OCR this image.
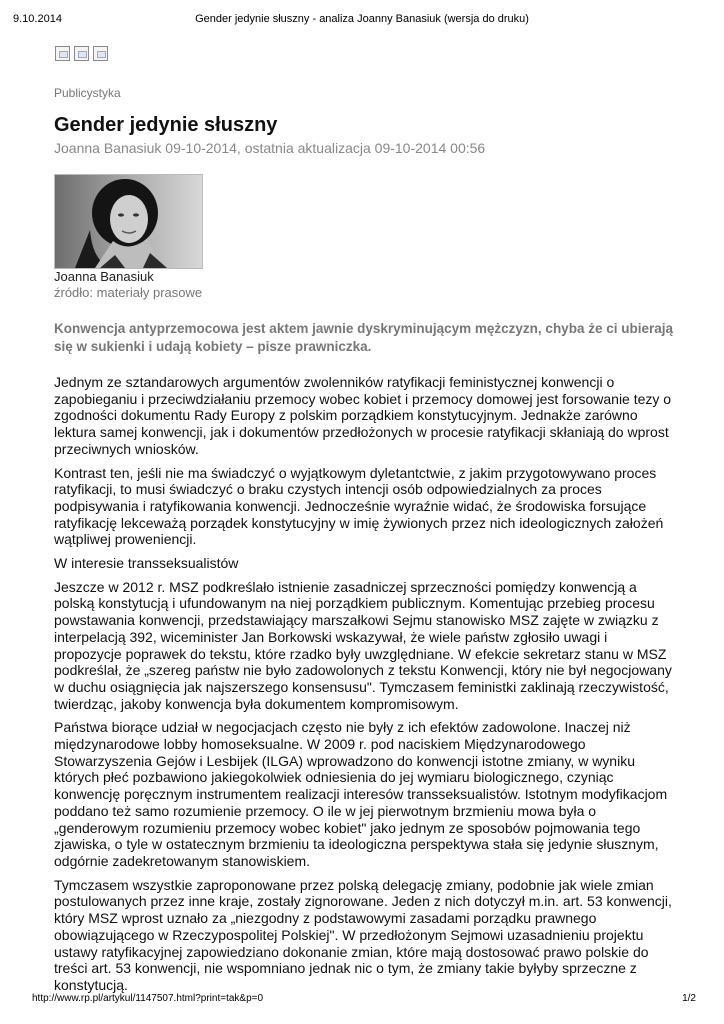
9.10.2014	Gender jedynie słuszny - analiza Joanny Banasiuk (wersja do druku)
Publicystyka
Gender jedynie słuszny
Joanna Banasiuk 09-10-2014, ostatnia aktualizacja 09-10-2014 00:56
Joanna Banasiuk
źródło: materiały prasowe
Konwencja antyprzemocowa jest aktem jawnie dyskryminującym mężczyzn, chyba że ci ubierają się w sukienki i udają kobiety – pisze prawniczka.
Jednym ze sztandarowych argumentów zwolenników ratyfikacji feministycznej konwencji o zapobieganiu i przeciwdziałaniu przemocy wobec kobiet i przemocy domowej jest forsowanie tezy o zgodności dokumentu Rady Europy z polskim porządkiem konstytucyjnym. Jednakże zarówno lektura samej konwencji, jak i dokumentów przedłożonych w procesie ratyfikacji skłaniają do wprost przeciwnych wniosków.
Kontrast ten, jeśli nie ma świadczyć o wyjątkowym dyletantctwie, z jakim przygotowywano proces ratyfikacji, to musi świadczyć o braku czystych intencji osób odpowiedzialnych za proces podpisywania i ratyfikowania konwencji. Jednocześnie wyraźnie widać, że środowiska forsujące ratyfikację lekceważą porządek konstytucyjny w imię żywionych przez nich ideologicznych założeń wątpliwej proweniencji.
W interesie transseksualistów
Jeszcze w 2012 r. MSZ podkreślało istnienie zasadniczej sprzeczności pomiędzy konwencją a polską konstytucją i ufundowanym na niej porządkiem publicznym. Komentując przebieg procesu powstawania konwencji, przedstawiający marszałkowi Sejmu stanowisko MSZ zajęte w związku z interpelacją 392, wiceminister Jan Borkowski wskazywał, że wiele państw zgłosiło uwagi i propozycje poprawek do tekstu, które rzadko były uwzględniane. W efekcie sekretarz stanu w MSZ podkreślał, że „szereg państw nie było zadowolonych z tekstu Konwencji, który nie był negocjowany w duchu osiągnięcia jak najszerszego konsensusu". Tymczasem feministki zaklinają rzeczywistość, twierdząc, jakoby konwencja była dokumentem kompromisowym.
Państwa biorące udział w negocjacjach często nie były z ich efektów zadowolone. Inaczej niż międzynarodowe lobby homoseksualne. W 2009 r. pod naciskiem Międzynarodowego Stowarzyszenia Gejów i Lesbijek (ILGA) wprowadzono do konwencji istotne zmiany, w wyniku których płeć pozbawiono jakiegokolwiek odniesienia do jej wymiaru biologicznego, czyniąc konwencję poręcznym instrumentem realizacji interesów transseksualistów. Istotnym modyfikacjom poddano też samo rozumienie przemocy. O ile w jej pierwotnym brzmieniu mowa była o „genderowym rozumieniu przemocy wobec kobiet" jako jednym ze sposobów pojmowania tego zjawiska, o tyle w ostatecznym brzmieniu ta ideologiczna perspektywa stała się jedynie słusznym, odgórnie zadekretowanym stanowiskiem.
Tymczasem wszystkie zaproponowane przez polską delegację zmiany, podobnie jak wiele zmian postulowanych przez inne kraje, zostały zignorowane. Jeden z nich dotyczył m.in. art. 53 konwencji, który MSZ wprost uznało za „niezgodny z podstawowymi zasadami porządku prawnego obowiązującego w Rzeczypospolitej Polskiej". W przedłożonym Sejmowi uzasadnieniu projektu ustawy ratyfikacyjnej zapowiedziano dokonanie zmian, które mają dostosować prawo polskie do treści art. 53 konwencji, nie wspomniano jednak nic o tym, że zmiany takie byłyby sprzeczne z konstytucją.
http://www.rp.pl/artykul/1147507.html?print=tak&p=0	1/2
